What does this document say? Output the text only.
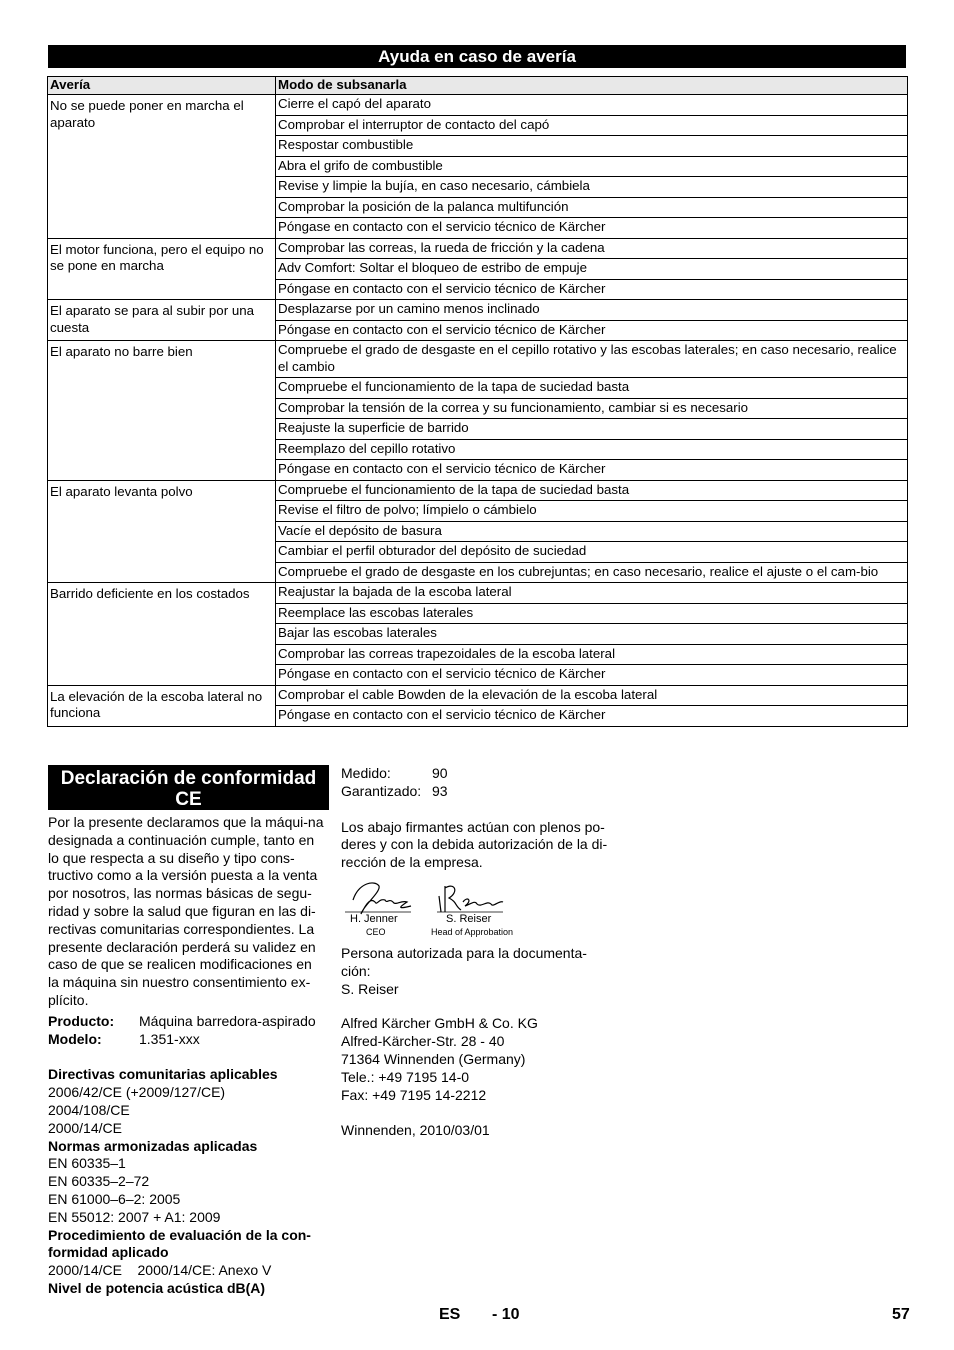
Ayuda en caso de avería
Avería	Modo de subsanarla
No se puede poner en marcha el aparato	Cierre el capó del aparato
	Comprobar el interruptor de contacto del capó
	Respostar combustible
	Abra el grifo de combustible
	Revise y limpie la bujía, en caso necesario, cámbiela
	Comprobar la posición de la palanca multifunción
	Póngase en contacto con el servicio técnico de Kärcher
El motor funciona, pero el equipo no se pone en marcha	Comprobar las correas, la rueda de fricción y la cadena
	Adv Comfort: Soltar el bloqueo de estribo de empuje
	Póngase en contacto con el servicio técnico de Kärcher
El aparato se para al subir por una cuesta	Desplazarse por un camino menos inclinado
	Póngase en contacto con el servicio técnico de Kärcher
El aparato no barre bien	Compruebe el grado de desgaste en el cepillo rotativo y las escobas laterales; en caso necesario, realice el cambio
	Compruebe el funcionamiento de la tapa de suciedad basta
	Comprobar la tensión de la correa y su funcionamiento, cambiar si es necesario
	Reajuste la superficie de barrido
	Reemplazo del cepillo rotativo
	Póngase en contacto con el servicio técnico de Kärcher
El aparato levanta polvo	Compruebe el funcionamiento de la tapa de suciedad basta
	Revise el filtro de polvo; límpielo o cámbielo
	Vacíe el depósito de basura
	Cambiar el perfil obturador del depósito de suciedad
	Compruebe el grado de desgaste en los cubrejuntas; en caso necesario, realice el ajuste o el cam-bio
Barrido deficiente en los costados	Reajustar la bajada de la escoba lateral
	Reemplace las escobas laterales
	Bajar las escobas laterales
	Comprobar las correas trapezoidales de la escoba lateral
	Póngase en contacto con el servicio técnico de Kärcher
La elevación de la escoba lateral no funciona	Comprobar el cable Bowden de la elevación de la escoba lateral
	Póngase en contacto con el servicio técnico de Kärcher
Declaración de conformidad CE

Por la presente declaramos que la máqui-na designada a continuación cumple, tanto en lo que respecta a su diseño y tipo cons-tructivo como a la versión puesta a la venta por nosotros, las normas básicas de segu-ridad y sobre la salud que figuran en las di-rectivas comunitarias correspondientes. La presente declaración perderá su validez en caso de que se realicen modificaciones en la máquina sin nuestro consentimiento ex-plícito.

Producto:	Máquina barredora-aspirado
Modelo:	1.351-xxx

Directivas comunitarias aplicables

2006/42/CE (+2009/127/CE)

2004/108/CE

2000/14/CE

Normas armonizadas aplicadas

EN 60335–1

EN 60335–2–72

EN 61000–6–2: 2005

EN 55012: 2007 + A1: 2009

Procedimiento de evaluación de la con-formidad aplicado

2000/14/CE 2000/14/CE: Anexo V

Nivel de potencia acústica dB(A)

Medido:	90
Garantizado: 93

Los abajo firmantes actúan con plenos po-deres y con la debida autorización de la di-rección de la empresa.

H. Jenner
CEO
S. Reiser
Head of Approbation

Persona autorizada para la documenta-ción:

S. Reiser

Alfred Kärcher GmbH & Co. KG

Alfred-Kärcher-Str. 28 - 40

71364 Winnenden (Germany)

Tele.: +49 7195 14-0

Fax: +49 7195 14-2212

Winnenden, 2010/03/01

ES - 10	57
